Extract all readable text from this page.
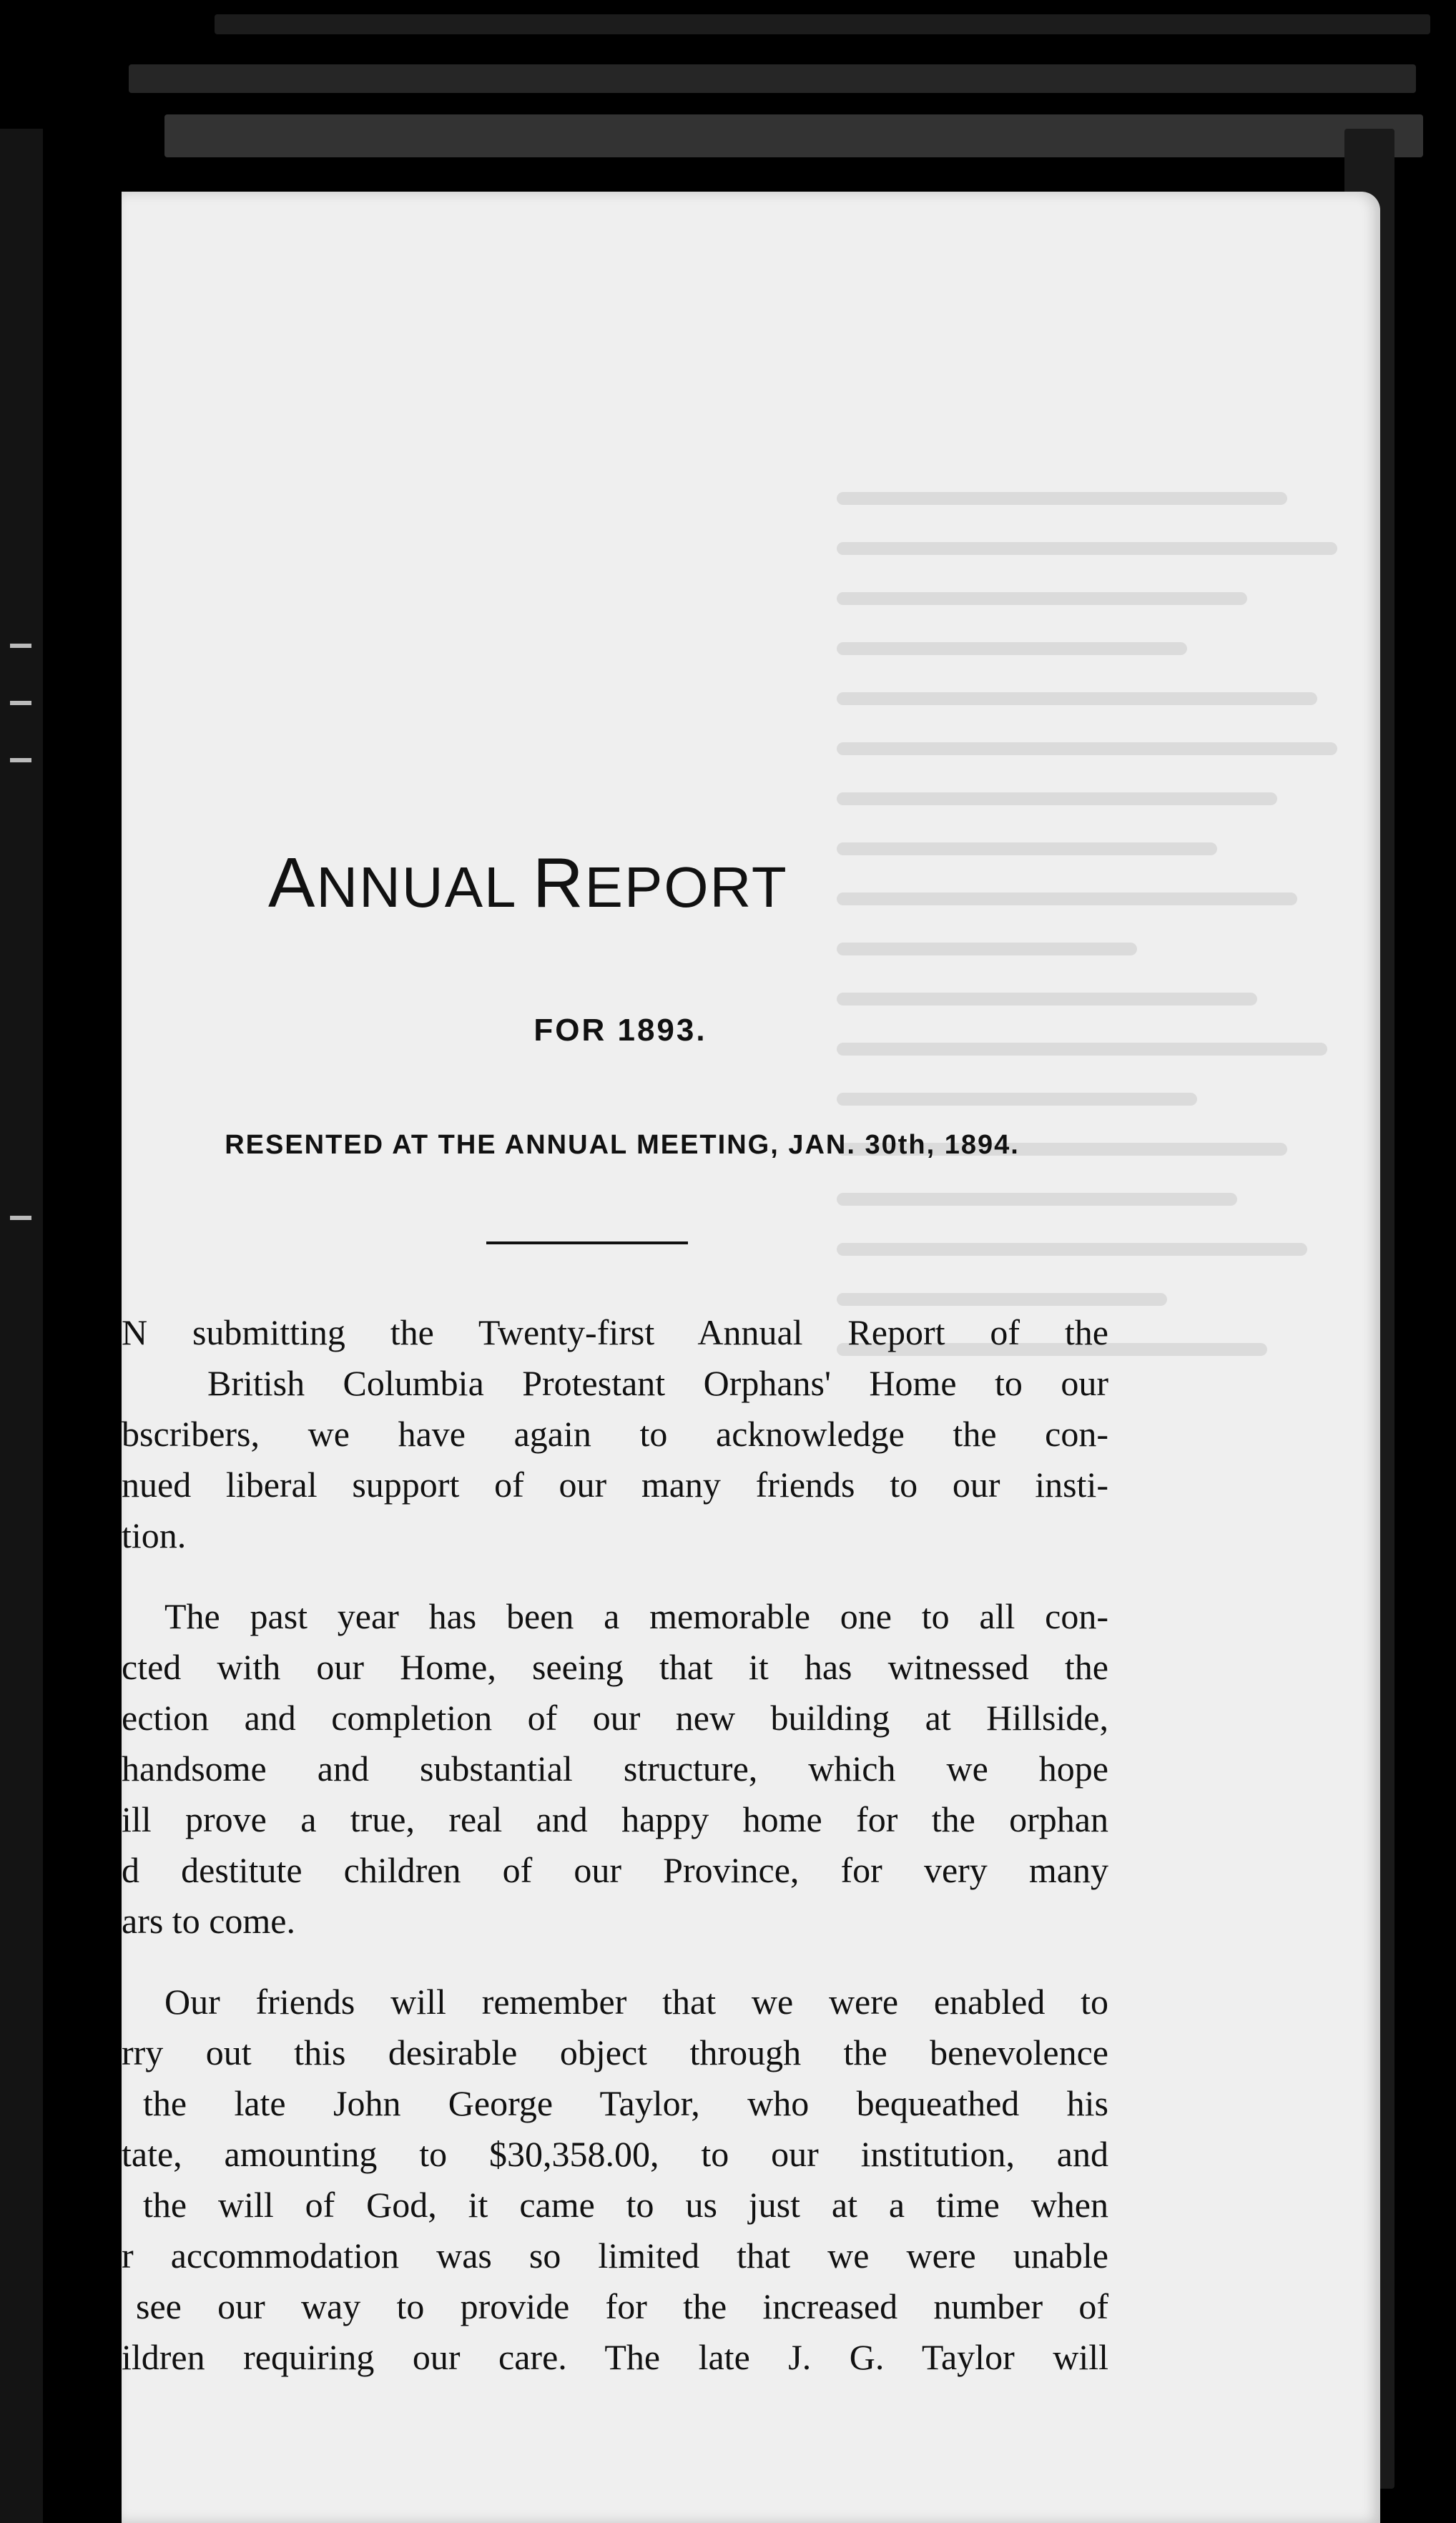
ANNUAL REPORT
FOR 1893.
RESENTED AT THE ANNUAL MEETING, JAN. 30th, 1894.

N submitting the Twenty-first Annual Report of the
British Columbia Protestant Orphans' Home to our
bscribers, we have again to acknowledge the con-
nued liberal support of our many friends to our insti-
tion.

The past year has been a memorable one to all con-
cted with our Home, seeing that it has witnessed the
ection and completion of our new building at Hillside,
handsome and substantial structure, which we hope
ill prove a true, real and happy home for the orphan
d destitute children of our Province, for very many
ars to come.

Our friends will remember that we were enabled to
rry out this desirable object through the benevolence
the late John George Taylor, who bequeathed his
tate, amounting to $30,358.00, to our institution, and
the will of God, it came to us just at a time when
r accommodation was so limited that we were unable
see our way to provide for the increased number of
ildren requiring our care. The late J. G. Taylor will
